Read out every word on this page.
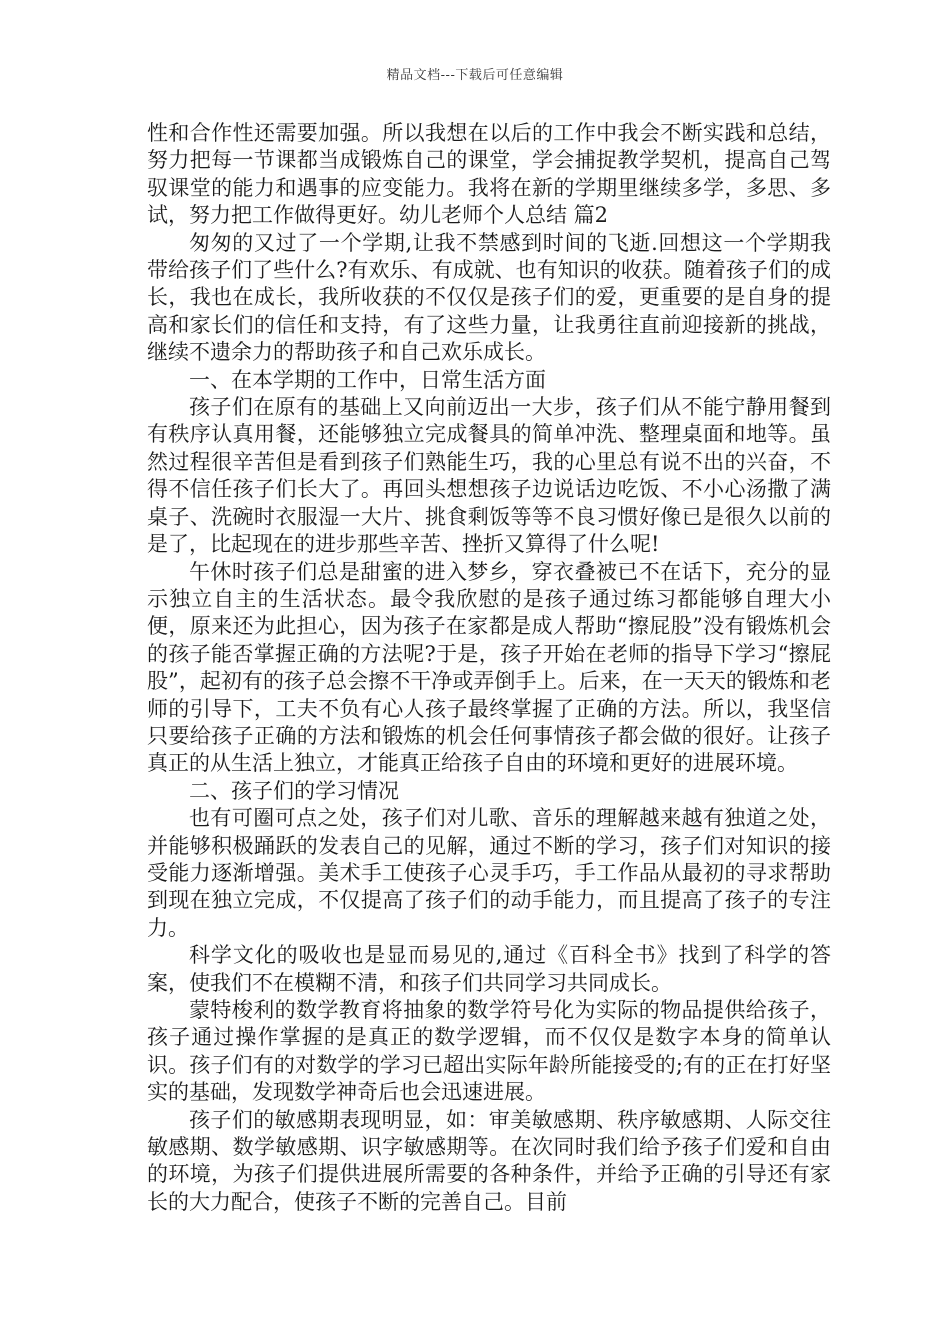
精品文档---下载后可任意编辑

性和合作性还需要加强。所以我想在以后的工作中我会不断实践和总结，努力把每一节课都当成锻炼自己的课堂，学会捕捉教学契机，提高自己驾驭课堂的能力和遇事的应变能力。我将在新的学期里继续多学，多思、多试，努力把工作做得更好。幼儿老师个人总结 篇2

匆匆的又过了一个学期,让我不禁感到时间的飞逝.回想这一个学期我带给孩子们了些什么?有欢乐、有成就、也有知识的收获。随着孩子们的成长，我也在成长，我所收获的不仅仅是孩子们的爱，更重要的是自身的提高和家长们的信任和支持，有了这些力量，让我勇往直前迎接新的挑战，继续不遗余力的帮助孩子和自己欢乐成长。

一、在本学期的工作中，日常生活方面

孩子们在原有的基础上又向前迈出一大步，孩子们从不能宁静用餐到有秩序认真用餐，还能够独立完成餐具的简单冲洗、整理桌面和地等。虽然过程很辛苦但是看到孩子们熟能生巧，我的心里总有说不出的兴奋，不得不信任孩子们长大了。再回头想想孩子边说话边吃饭、不小心汤撒了满桌子、洗碗时衣服湿一大片、挑食剩饭等等不良习惯好像已是很久以前的是了，比起现在的进步那些辛苦、挫折又算得了什么呢!

午休时孩子们总是甜蜜的进入梦乡，穿衣叠被已不在话下，充分的显示独立自主的生活状态。最令我欣慰的是孩子通过练习都能够自理大小便，原来还为此担心，因为孩子在家都是成人帮助“擦屁股”没有锻炼机会的孩子能否掌握正确的方法呢?于是，孩子开始在老师的指导下学习“擦屁股”，起初有的孩子总会擦不干净或弄倒手上。后来，在一天天的锻炼和老师的引导下，工夫不负有心人孩子最终掌握了正确的方法。所以，我坚信只要给孩子正确的方法和锻炼的机会任何事情孩子都会做的很好。让孩子真正的从生活上独立，才能真正给孩子自由的环境和更好的进展环境。

二、孩子们的学习情况

也有可圈可点之处，孩子们对儿歌、音乐的理解越来越有独道之处，并能够积极踊跃的发表自己的见解，通过不断的学习，孩子们对知识的接受能力逐渐增强。美术手工使孩子心灵手巧，手工作品从最初的寻求帮助到现在独立完成，不仅提高了孩子们的动手能力，而且提高了孩子的专注力。

科学文化的吸收也是显而易见的,通过《百科全书》找到了科学的答案，使我们不在模糊不清，和孩子们共同学习共同成长。

蒙特梭利的数学教育将抽象的数学符号化为实际的物品提供给孩子，孩子通过操作掌握的是真正的数学逻辑，而不仅仅是数字本身的简单认识。孩子们有的对数学的学习已超出实际年龄所能接受的;有的正在打好坚实的基础，发现数学神奇后也会迅速进展。

孩子们的敏感期表现明显，如：审美敏感期、秩序敏感期、人际交往敏感期、数学敏感期、识字敏感期等。在次同时我们给予孩子们爱和自由的环境，为孩子们提供进展所需要的各种条件，并给予正确的引导还有家长的大力配合，使孩子不断的完善自己。目前
